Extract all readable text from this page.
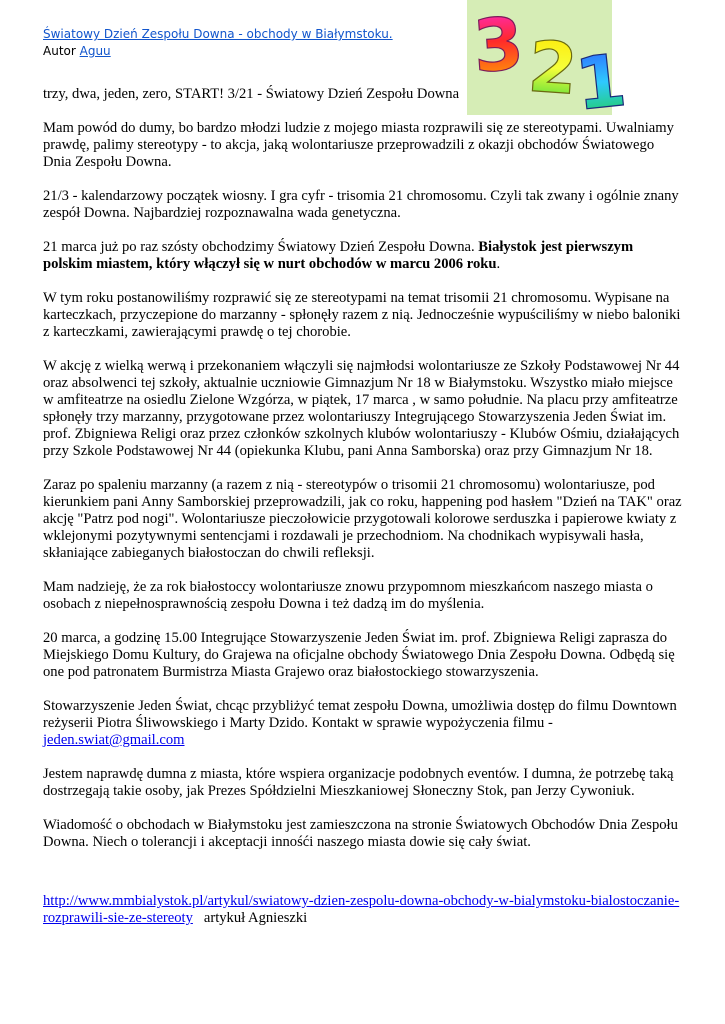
Światowy Dzień Zespołu Downa - obchody w Białymstoku.
Autor Aguu	3 2
1

trzy, dwa, jeden, zero, START! 3/21 - Światowy Dzień Zespołu Downa

Mam powód do dumy, bo bardzo młodzi ludzie z mojego miasta rozprawili się ze stereotypami. Uwalniamy prawdę, palimy stereotypy - to akcja, jaką wolontariusze przeprowadzili z okazji obchodów Światowego Dnia Zespołu Downa.

21/3 - kalendarzowy początek wiosny. I gra cyfr - trisomia 21 chromosomu. Czyli tak zwany i ogólnie znany zespół Downa. Najbardziej rozpoznawalna wada genetyczna.

21 marca już po raz szósty obchodzimy Światowy Dzień Zespołu Downa. Białystok jest pierwszym polskim miastem, który włączył się w nurt obchodów w marcu 2006 roku.

W tym roku postanowiliśmy rozprawić się ze stereotypami na temat trisomii 21 chromosomu. Wypisane na karteczkach, przyczepione do marzanny - spłonęły razem z nią. Jednocześnie wypuściliśmy w niebo baloniki z karteczkami, zawierającymi prawdę o tej chorobie.

W akcję z wielką werwą i przekonaniem włączyli się najmłodsi wolontariusze ze Szkoły Podstawowej Nr 44 oraz absolwenci tej szkoły, aktualnie uczniowie Gimnazjum Nr 18 w Białymstoku. Wszystko miało miejsce w amfiteatrze na osiedlu Zielone Wzgórza, w piątek, 17 marca , w samo południe. Na placu przy amfiteatrze spłonęły trzy marzanny, przygotowane przez wolontariuszy Integrującego Stowarzyszenia Jeden Świat im. prof. Zbigniewa Religi oraz przez członków szkolnych klubów wolontariuszy - Klubów Ośmiu, działających przy Szkole Podstawowej Nr 44 (opiekunka Klubu, pani Anna Samborska) oraz przy Gimnazjum Nr 18.

Zaraz po spaleniu marzanny (a razem z nią - stereotypów o trisomii 21 chromosomu) wolontariusze, pod kierunkiem pani Anny Samborskiej przeprowadzili, jak co roku, happening pod hasłem "Dzień na TAK" oraz akcję "Patrz pod nogi". Wolontariusze pieczołowicie przygotowali kolorowe serduszka i papierowe kwiaty z wklejonymi pozytywnymi sentencjami i rozdawali je przechodniom. Na chodnikach wypisywali hasła, skłaniające zabieganych białostoczan do chwili refleksji.

Mam nadzieję, że za rok białostoccy wolontariusze znowu przypomnom mieszkańcom naszego miasta o osobach z niepełnosprawnością zespołu Downa i też dadzą im do myślenia.

20 marca, a godzinę 15.00 Integrujące Stowarzyszenie Jeden Świat im. prof. Zbigniewa Religi zaprasza do Miejskiego Domu Kultury, do Grajewa na oficjalne obchody Światowego Dnia Zespołu Downa. Odbędą się one pod patronatem Burmistrza Miasta Grajewo oraz białostockiego stowarzyszenia.

Stowarzyszenie Jeden Świat, chcąc przybliżyć temat zespołu Downa, umożliwia dostęp do filmu Downtown reżyserii Piotra Śliwowskiego i Marty Dzido. Kontakt w sprawie wypożyczenia filmu - jeden.swiat@gmail.com

Jestem naprawdę dumna z miasta, które wspiera organizacje podobnych eventów. I dumna, że potrzebę taką dostrzegają takie osoby, jak Prezes Spółdzielni Mieszkaniowej Słoneczny Stok, pan Jerzy Cywoniuk.

Wiadomość o obchodach w Białymstoku jest zamieszczona na stronie Światowych Obchodów Dnia Zespołu Downa. Niech o tolerancji i akceptacji innośći naszego miasta dowie się cały świat.

http://www.mmbialystok.pl/artykul/swiatowy-dzien-zespolu-downa-obchody-w-bialymstoku-bialostoczanie-rozprawili-sie-ze-stereoty   artykuł Agnieszki
